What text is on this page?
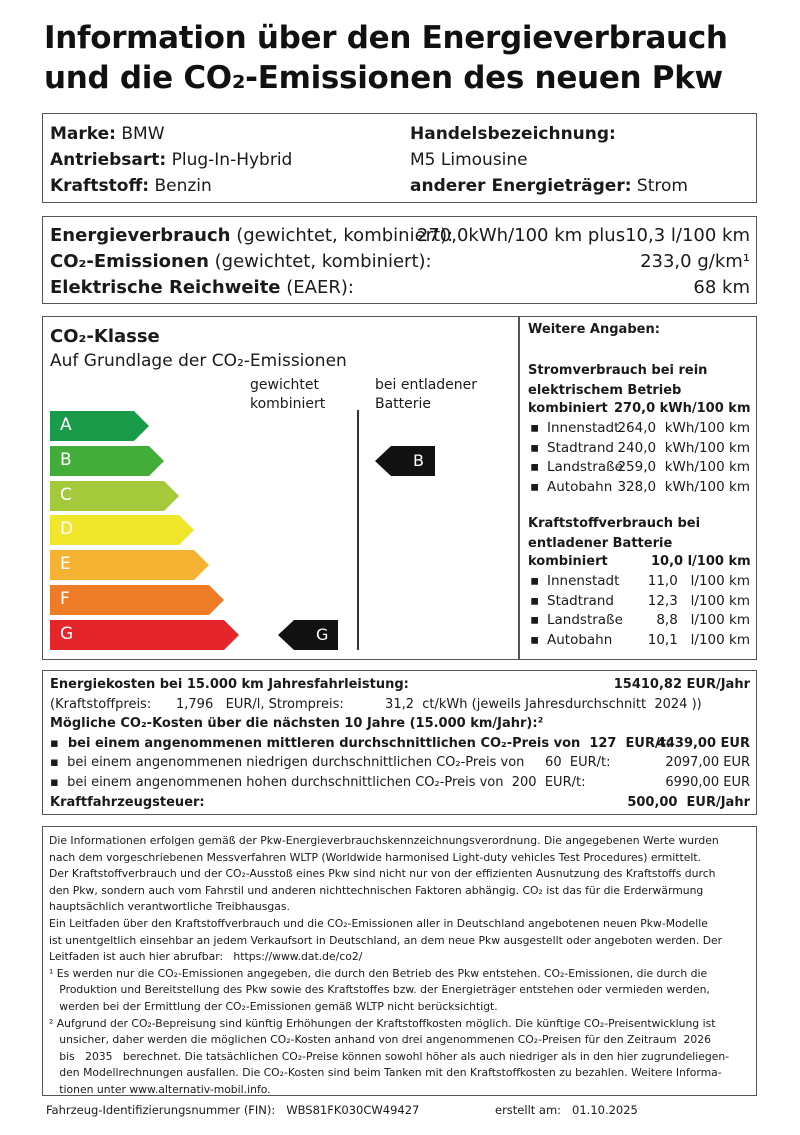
Information über den Energieverbrauch
und die CO₂-Emissionen des neuen Pkw
Marke: BMW
Antriebsart: Plug-In-Hybrid
Kraftstoff: Benzin
Handelsbezeichnung:
M5 Limousine
anderer Energieträger: Strom
Energieverbrauch (gewichtet, kombiniert):
270,0kWh/100 km plus10,3 l/100 km
CO₂-Emissionen (gewichtet, kombiniert):	233,0 g/km¹
Elektrische Reichweite (EAER):	68 km
CO₂-Klasse
Auf Grundlage der CO₂-Emissionen
gewichtet
kombiniert
bei entladener
Batterie
A
B
C
D
E
F
G	G
B
Weitere Angaben:
Stromverbrauch bei rein
elektrischem Betrieb
kombiniert 270,0 kWh/100 km
▪ Innenstadt
264,0  kWh/100 km
▪ Stadtrand 240,0  kWh/100 km
▪ Landstraße
259,0  kWh/100 km
▪ Autobahn 328,0  kWh/100 km
Kraftstoffverbrauch bei
entladener Batterie
kombiniert	10,0 l/100 km
▪ Innenstadt 11,0   l/100 km
▪ Stadtrand	12,3   l/100 km
▪ Landstraße 8,8   l/100 km
▪ Autobahn	10,1   l/100 km
Energiekosten bei 15.000 km Jahresfahrleistung:	15410,82 EUR/Jahr
(Kraftstoffpreis:      1,796   EUR/l, Strompreis:          31,2  ct/kWh (jeweils Jahresdurchschnitt  2024 ))
Mögliche CO₂-Kosten über die nächsten 10 Jahre (15.000 km/Jahr):²
▪  bei einem angenommenen mittleren durchschnittlichen CO₂-Preis von  127  EUR/t:
4439,00 EUR
▪  bei einem angenommenen niedrigen durchschnittlichen CO₂-Preis von     60  EUR/t:	2097,00 EUR
▪  bei einem angenommenen hohen durchschnittlichen CO₂-Preis von  200  EUR/t:	6990,00 EUR
Kraftfahrzeugsteuer:	500,00  EUR/Jahr
Die Informationen erfolgen gemäß der Pkw-Energieverbrauchskennzeichnungsverordnung. Die angegebenen Werte wurden
nach dem vorgeschriebenen Messverfahren WLTP (Worldwide harmonised Light-duty vehicles Test Procedures) ermittelt.
Der Kraftstoffverbrauch und der CO₂-Ausstoß eines Pkw sind nicht nur von der effizienten Ausnutzung des Kraftstoffs durch
den Pkw, sondern auch vom Fahrstil und anderen nichttechnischen Faktoren abhängig. CO₂ ist das für die Erderwärmung
hauptsächlich verantwortliche Treibhausgas.
Ein Leitfaden über den Kraftstoffverbrauch und die CO₂-Emissionen aller in Deutschland angebotenen neuen Pkw-Modelle
ist unentgeltlich einsehbar an jedem Verkaufsort in Deutschland, an dem neue Pkw ausgestellt oder angeboten werden. Der
Leitfaden ist auch hier abrufbar:   https://www.dat.de/co2/
¹ Es werden nur die CO₂-Emissionen angegeben, die durch den Betrieb des Pkw entstehen. CO₂-Emissionen, die durch die
Produktion und Bereitstellung des Pkw sowie des Kraftstoffes bzw. der Energieträger entstehen oder vermieden werden,
werden bei der Ermittlung der CO₂-Emissionen gemäß WLTP nicht berücksichtigt.
² Aufgrund der CO₂-Bepreisung sind künftig Erhöhungen der Kraftstoffkosten möglich. Die künftige CO₂-Preisentwicklung ist
unsicher, daher werden die möglichen CO₂-Kosten anhand von drei angenommenen CO₂-Preisen für den Zeitraum  2026
bis   2035   berechnet. Die tatsächlichen CO₂-Preise können sowohl höher als auch niedriger als in den hier zugrundeliegen-
den Modellrechnungen ausfallen. Die CO₂-Kosten sind beim Tanken mit den Kraftstoffkosten zu bezahlen. Weitere Informa-
tionen unter www.alternativ-mobil.info.
Fahrzeug-Identifizierungsnummer (FIN): WBS81FK030CW49427	erstellt am: 01.10.2025
